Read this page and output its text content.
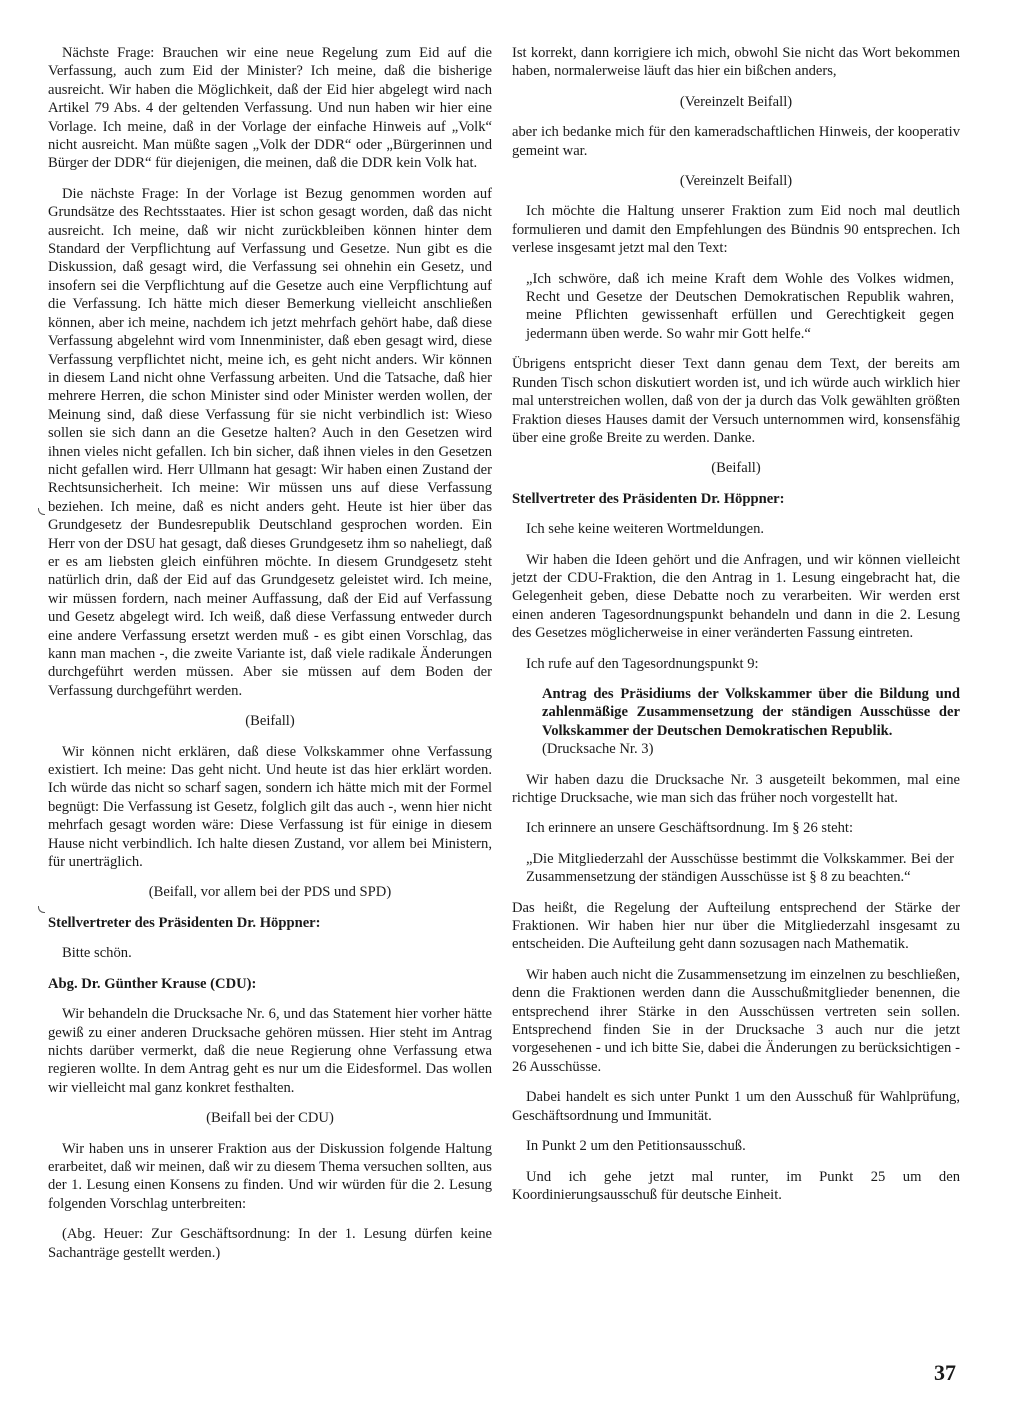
Nächste Frage: Brauchen wir eine neue Regelung zum Eid auf die Verfassung, auch zum Eid der Minister? Ich meine, daß die bisherige ausreicht. Wir haben die Möglichkeit, daß der Eid hier abgelegt wird nach Artikel 79 Abs. 4 der geltenden Verfassung. Und nun haben wir hier eine Vorlage. Ich meine, daß in der Vorlage der einfache Hinweis auf „Volk“ nicht ausreicht. Man müßte sagen „Volk der DDR“ oder „Bürgerinnen und Bürger der DDR“ für diejenigen, die meinen, daß die DDR kein Volk hat.

Die nächste Frage: In der Vorlage ist Bezug genommen worden auf Grundsätze des Rechtsstaates. Hier ist schon gesagt worden, daß das nicht ausreicht. Ich meine, daß wir nicht zurückbleiben können hinter dem Standard der Verpflichtung auf Verfassung und Gesetze. Nun gibt es die Diskussion, daß gesagt wird, die Verfassung sei ohnehin ein Gesetz, und insofern sei die Verpflichtung auf die Gesetze auch eine Verpflichtung auf die Verfassung. Ich hätte mich dieser Bemerkung vielleicht anschließen können, aber ich meine, nachdem ich jetzt mehrfach gehört habe, daß diese Verfassung abgelehnt wird vom Innenminister, daß eben gesagt wird, diese Verfassung verpflichtet nicht, meine ich, es geht nicht anders. Wir können in diesem Land nicht ohne Verfassung arbeiten. Und die Tatsache, daß hier mehrere Herren, die schon Minister sind oder Minister werden wollen, der Meinung sind, daß diese Verfassung für sie nicht verbindlich ist: Wieso sollen sie sich dann an die Gesetze halten? Auch in den Gesetzen wird ihnen vieles nicht gefallen. Ich bin sicher, daß ihnen vieles in den Gesetzen nicht gefallen wird. Herr Ullmann hat gesagt: Wir haben einen Zustand der Rechtsunsicherheit. Ich meine: Wir müssen uns auf diese Verfassung beziehen. Ich meine, daß es nicht anders geht. Heute ist hier über das Grundgesetz der Bundesrepublik Deutschland gesprochen worden. Ein Herr von der DSU hat gesagt, daß dieses Grundgesetz ihm so naheliegt, daß er es am liebsten gleich einführen möchte. In diesem Grundgesetz steht natürlich drin, daß der Eid auf das Grundgesetz geleistet wird. Ich meine, wir müssen fordern, nach meiner Auffassung, daß der Eid auf Verfassung und Gesetz abgelegt wird. Ich weiß, daß diese Verfassung entweder durch eine andere Verfassung ersetzt werden muß - es gibt einen Vorschlag, das kann man machen -, die zweite Variante ist, daß viele radikale Änderungen durchgeführt werden müssen. Aber sie müssen auf dem Boden der Verfassung durchgeführt werden.

(Beifall)

Wir können nicht erklären, daß diese Volkskammer ohne Verfassung existiert. Ich meine: Das geht nicht. Und heute ist das hier erklärt worden. Ich würde das nicht so scharf sagen, sondern ich hätte mich mit der Formel begnügt: Die Verfassung ist Gesetz, folglich gilt das auch -, wenn hier nicht mehrfach gesagt worden wäre: Diese Verfassung ist für einige in diesem Hause nicht verbindlich. Ich halte diesen Zustand, vor allem bei Ministern, für unerträglich.

(Beifall, vor allem bei der PDS und SPD)

Stellvertreter des Präsidenten Dr. Höppner:

Bitte schön.

Abg. Dr. Günther Krause (CDU):

Wir behandeln die Drucksache Nr. 6, und das Statement hier vorher hätte gewiß zu einer anderen Drucksache gehören müssen. Hier steht im Antrag nichts darüber vermerkt, daß die neue Regierung ohne Verfassung etwa regieren wollte. In dem Antrag geht es nur um die Eidesformel. Das wollen wir vielleicht mal ganz konkret festhalten.

(Beifall bei der CDU)

Wir haben uns in unserer Fraktion aus der Diskussion folgende Haltung erarbeitet, daß wir meinen, daß wir zu diesem Thema versuchen sollten, aus der 1. Lesung einen Konsens zu finden. Und wir würden für die 2. Lesung folgenden Vorschlag unterbreiten:

(Abg. Heuer: Zur Geschäftsordnung: In der 1. Lesung dürfen keine Sachanträge gestellt werden.)

Ist korrekt, dann korrigiere ich mich, obwohl Sie nicht das Wort bekommen haben, normalerweise läuft das hier ein bißchen anders,

(Vereinzelt Beifall)

aber ich bedanke mich für den kameradschaftlichen Hinweis, der kooperativ gemeint war.

(Vereinzelt Beifall)

Ich möchte die Haltung unserer Fraktion zum Eid noch mal deutlich formulieren und damit den Empfehlungen des Bündnis 90 entsprechen. Ich verlese insgesamt jetzt mal den Text:

„Ich schwöre, daß ich meine Kraft dem Wohle des Volkes widmen, Recht und Gesetze der Deutschen Demokratischen Republik wahren, meine Pflichten gewissenhaft erfüllen und Gerechtigkeit gegen jedermann üben werde. So wahr mir Gott helfe.“

Übrigens entspricht dieser Text dann genau dem Text, der bereits am Runden Tisch schon diskutiert worden ist, und ich würde auch wirklich hier mal unterstreichen wollen, daß von der ja durch das Volk gewählten größten Fraktion dieses Hauses damit der Versuch unternommen wird, konsensfähig über eine große Breite zu werden. Danke.

(Beifall)

Stellvertreter des Präsidenten Dr. Höppner:

Ich sehe keine weiteren Wortmeldungen.

Wir haben die Ideen gehört und die Anfragen, und wir können vielleicht jetzt der CDU-Fraktion, die den Antrag in 1. Lesung eingebracht hat, die Gelegenheit geben, diese Debatte noch zu verarbeiten. Wir werden erst einen anderen Tagesordnungspunkt behandeln und dann in die 2. Lesung des Gesetzes möglicherweise in einer veränderten Fassung eintreten.

Ich rufe auf den Tagesordnungspunkt 9:

Antrag des Präsidiums der Volkskammer über die Bildung und zahlenmäßige Zusammensetzung der ständigen Ausschüsse der Volkskammer der Deutschen Demokratischen Republik.
(Drucksache Nr. 3)

Wir haben dazu die Drucksache Nr. 3 ausgeteilt bekommen, mal eine richtige Drucksache, wie man sich das früher noch vorgestellt hat.

Ich erinnere an unsere Geschäftsordnung. Im § 26 steht:

„Die Mitgliederzahl der Ausschüsse bestimmt die Volkskammer. Bei der Zusammensetzung der ständigen Ausschüsse ist § 8 zu beachten.“

Das heißt, die Regelung der Aufteilung entsprechend der Stärke der Fraktionen. Wir haben hier nur über die Mitgliederzahl insgesamt zu entscheiden. Die Aufteilung geht dann sozusagen nach Mathematik.

Wir haben auch nicht die Zusammensetzung im einzelnen zu beschließen, denn die Fraktionen werden dann die Ausschußmitglieder benennen, die entsprechend ihrer Stärke in den Ausschüssen vertreten sein sollen. Entsprechend finden Sie in der Drucksache 3 auch nur die jetzt vorgesehenen - und ich bitte Sie, dabei die Änderungen zu berücksichtigen - 26 Ausschüsse.

Dabei handelt es sich unter Punkt 1 um den Ausschuß für Wahlprüfung, Geschäftsordnung und Immunität.

In Punkt 2 um den Petitionsausschuß.

Und ich gehe jetzt mal runter, im Punkt 25 um den Koordinierungsausschuß für deutsche Einheit.

37
